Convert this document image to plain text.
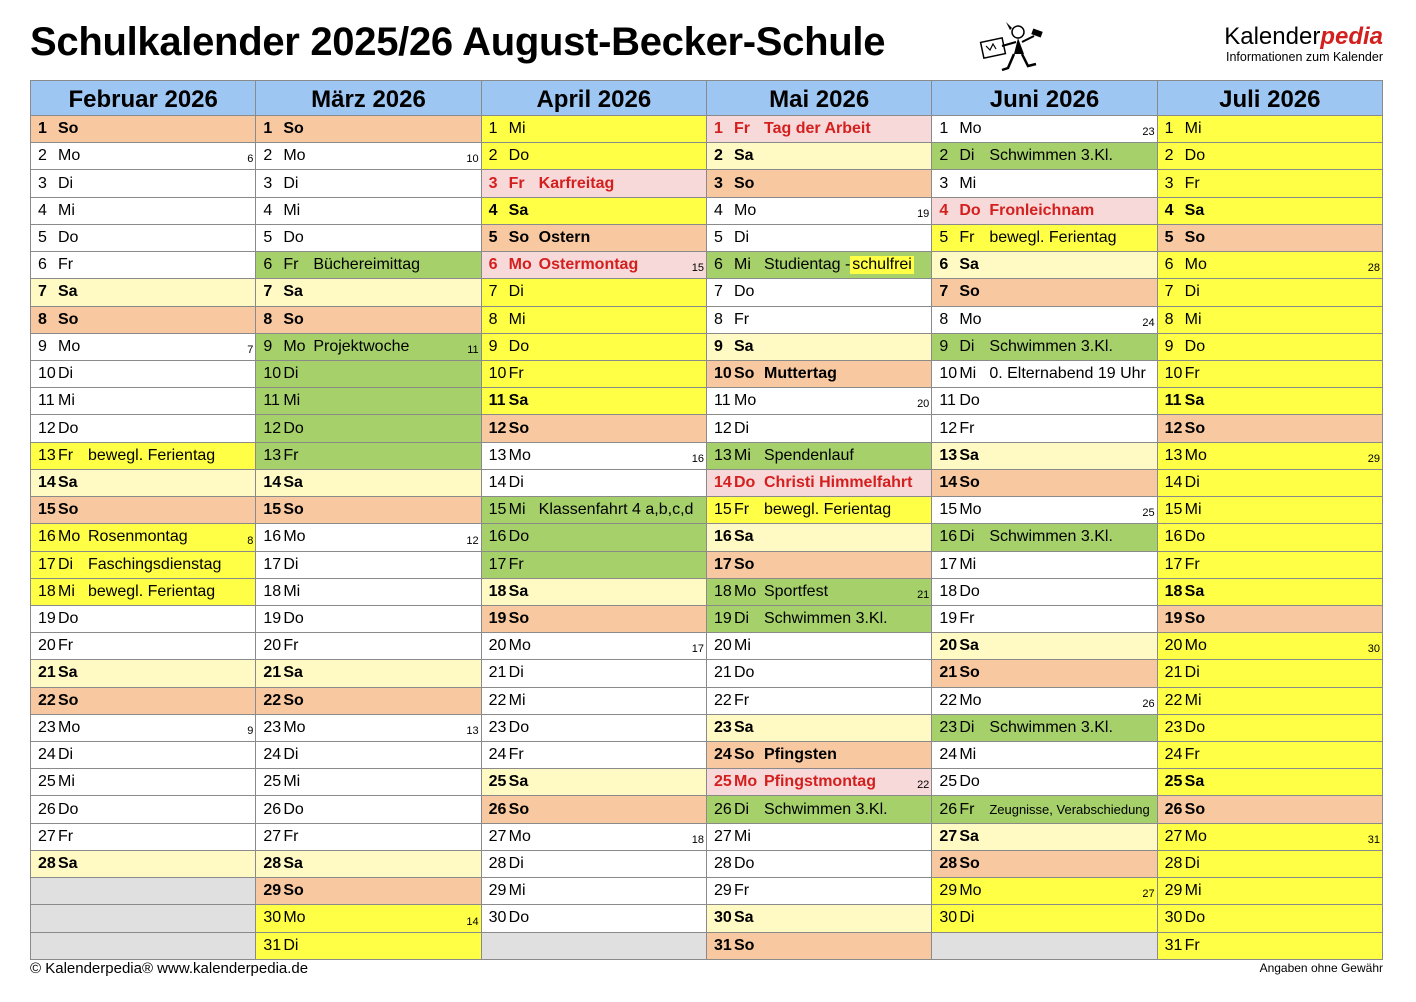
Schulkalender 2025/26 August-Becker-Schule	Kalenderpedia
Informationen zum Kalender
Februar 2026
1 So
2 Mo	6
3 Di
4 Mi
5 Do
6 Fr
7 Sa
8 So
9 Mo	7
10 Di
11 Mi
12 Do
13 Fr bewegl. Ferientag
14 Sa
15 So
16 Mo Rosenmontag	8
17 Di Faschingsdienstag
18 Mi bewegl. Ferientag
19 Do
20 Fr
21 Sa
22 So
23 Mo	9
24 Di
25 Mi
26 Do
27 Fr
28 Sa
März 2026
1 So
2 Mo	10
3 Di
4 Mi
5 Do
6 Fr Büchereimittag
7 Sa
8 So
9 Mo Projektwoche	11
10 Di
11 Mi
12 Do
13 Fr
14 Sa
15 So
16 Mo	12
17 Di
18 Mi
19 Do
20 Fr
21 Sa
22 So
23 Mo	13
24 Di
25 Mi
26 Do
27 Fr
28 Sa
29 So
30 Mo	14
31 Di
April 2026
1 Mi
2 Do
3 Fr Karfreitag
4 Sa
5 So Ostern
6 Mo Ostermontag	15
7 Di
8 Mi
9 Do
10 Fr
11 Sa
12 So
13 Mo	16
14 Di
15 Mi Klassenfahrt 4 a,b,c,d
16 Do
17 Fr
18 Sa
19 So
20 Mo	17
21 Di
22 Mi
23 Do
24 Fr
25 Sa
26 So
27 Mo	18
28 Di
29 Mi
30 Do
Mai 2026
1 Fr Tag der Arbeit
2 Sa
3 So
4 Mo	19
5 Di
6 Mi Studientag - schulfrei
7 Do
8 Fr
9 Sa
10 So Muttertag
11 Mo	20
12 Di
13 Mi Spendenlauf
14 Do Christi Himmelfahrt
15 Fr bewegl. Ferientag
16 Sa
17 So
18 Mo Sportfest	21
19 Di Schwimmen 3.Kl.
20 Mi
21 Do
22 Fr
23 Sa
24 So Pfingsten
25 Mo Pfingstmontag	22
26 Di Schwimmen 3.Kl.
27 Mi
28 Do
29 Fr
30 Sa
31 So
Juni 2026
1 Mo	23
2 Di Schwimmen 3.Kl.
3 Mi
4 Do Fronleichnam
5 Fr bewegl. Ferientag
6 Sa
7 So
8 Mo	24
9 Di Schwimmen 3.Kl.
10 Mi 0. Elternabend 19 Uhr
11 Do
12 Fr
13 Sa
14 So
15 Mo	25
16 Di Schwimmen 3.Kl.
17 Mi
18 Do
19 Fr
20 Sa
21 So
22 Mo	26
23 Di Schwimmen 3.Kl.
24 Mi
25 Do
26 Fr	Zeugnisse, Verabschiedung
27 Sa
28 So
29 Mo	27
30 Di
Juli 2026
1 Mi
2 Do
3 Fr
4 Sa
5 So
6 Mo	28
7 Di
8 Mi
9 Do
10 Fr
11 Sa
12 So
13 Mo	29
14 Di
15 Mi
16 Do
17 Fr
18 Sa
19 So
20 Mo	30
21 Di
22 Mi
23 Do
24 Fr
25 Sa
26 So
27 Mo	31
28 Di
29 Mi
30 Do
31 Fr
© Kalenderpedia® www.kalenderpedia.de	Angaben ohne Gewähr
